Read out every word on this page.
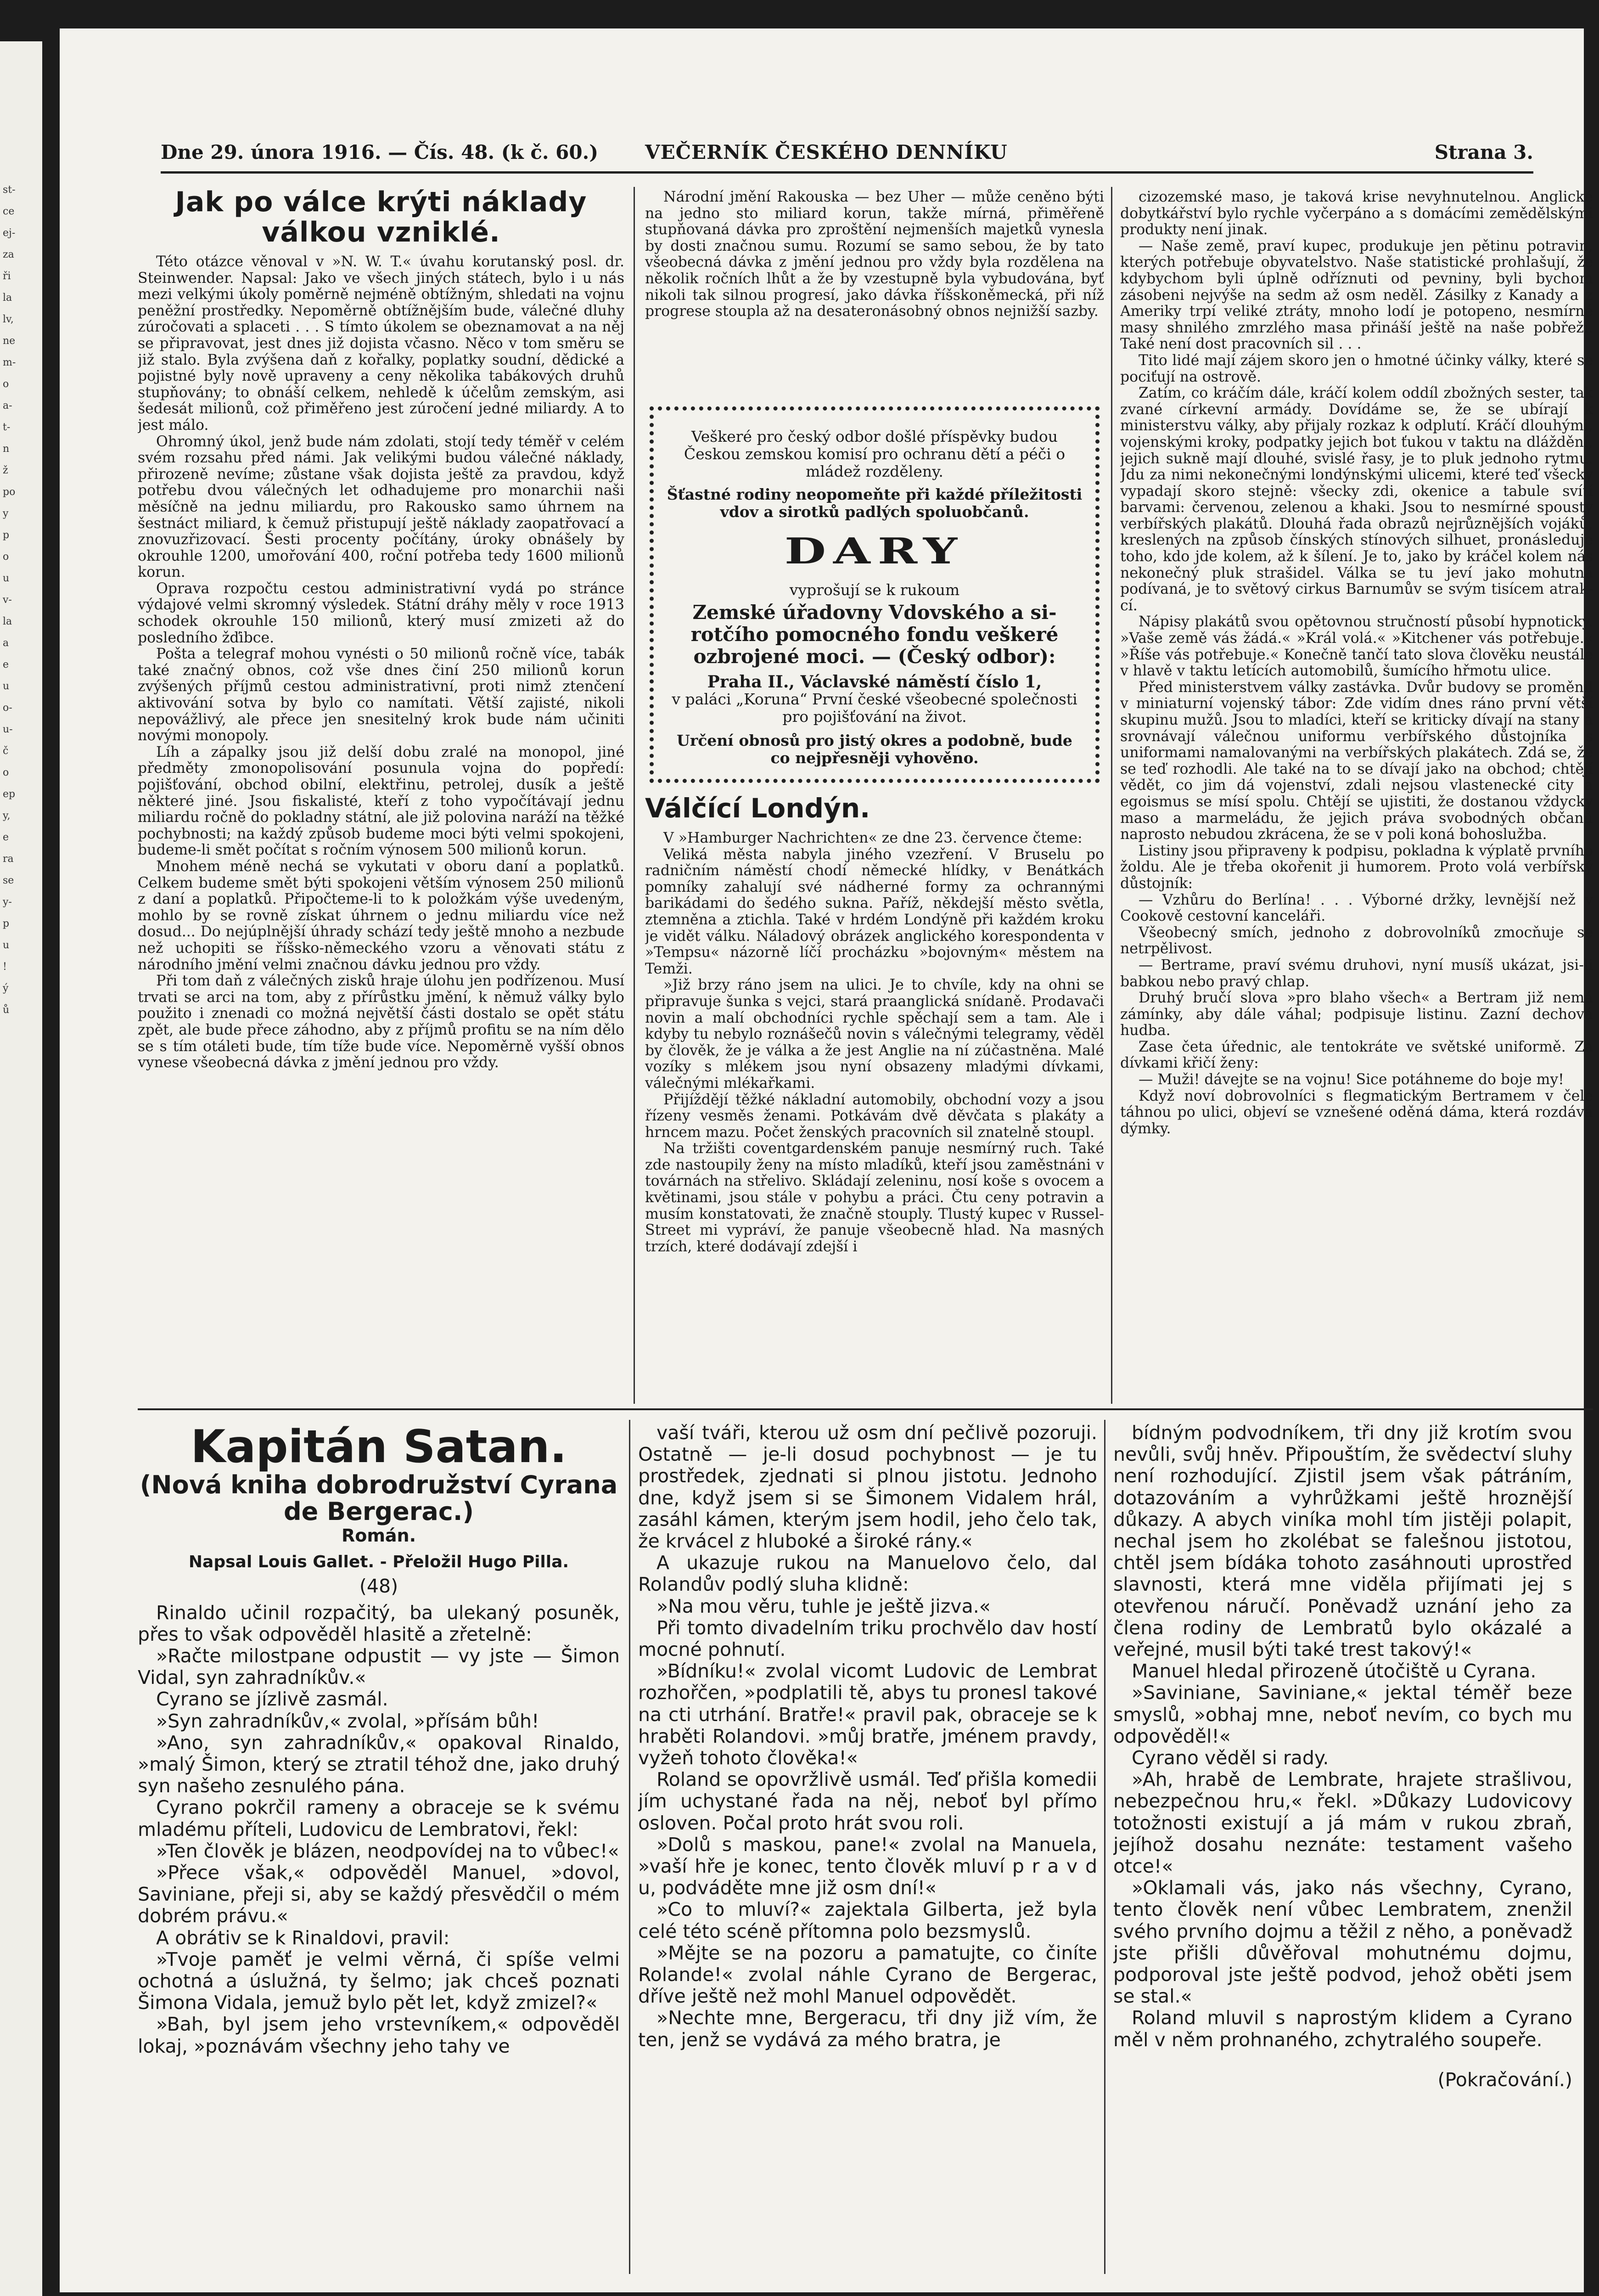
st-
ce
ej-
za
ři
la
lv,
ne
m-
o
a-
t-
n
ž
po
y
p
o
u
v-
la
a
e
u
o-
u-
č
o
ep
y,
e
ra
se
y-
p
u
!
ý
ů
Dne 29. února 1916. — Čís. 48. (k č. 60.) VEČERNÍK ČESKÉHO DENNÍKU	Strana 3.
Jak po válce krýti náklady válkou vzniklé.

Této otázce věnoval v »N. W. T.« úvahu korutanský posl. dr. Steinwender. Napsal: Jako ve všech jiných státech, bylo i u nás mezi velkými úkoly poměrně nejméně obtížným, shledati na vojnu peněžní prostředky. Nepoměrně obtížnějším bude, válečné dluhy zúročovati a splaceti . . . S tímto úkolem se obeznamovat a na něj se připravovat, jest dnes již dojista včasno. Něco v tom směru se již stalo. Byla zvýšena daň z kořalky, poplatky soudní, dědické a pojistné byly nově upraveny a ceny několika tabákových druhů stupňovány; to obnáší celkem, nehledě k účelům zemským, asi šedesát milionů, což přiměřeno jest zúročení jedné miliardy. A to jest málo.

Ohromný úkol, jenž bude nám zdolati, stojí tedy téměř v celém svém rozsahu před námi. Jak velikými budou válečné náklady, přirozeně nevíme; zůstane však dojista ještě za pravdou, když potřebu dvou válečných let odhadujeme pro monarchii naši měsíčně na jednu miliardu, pro Rakousko samo úhrnem na šestnáct miliard, k čemuž přistupují ještě náklady zaopatřovací a znovuzřizovací. Šesti procenty počítány, úroky obnášely by okrouhle 1200, umořování 400, roční potřeba tedy 1600 milionů korun.

Oprava rozpočtu cestou administrativní vydá po stránce výdajové velmi skromný výsledek. Státní dráhy měly v roce 1913 schodek okrouhle 150 milionů, který musí zmizeti až do posledního žďibce.

Pošta a telegraf mohou vynésti o 50 milionů ročně více, tabák také značný obnos, což vše dnes činí 250 milionů korun zvýšených příjmů cestou administrativní, proti nimž ztenčení aktivování sotva by bylo co namítati. Větší zajisté, nikoli nepovážlivý, ale přece jen snesitelný krok bude nám učiniti novými monopoly.

Líh a zápalky jsou již delší dobu zralé na monopol, jiné předměty zmonopolisování posunula vojna do popředí: pojišťování, obchod obilní, elektřinu, petrolej, dusík a ještě některé jiné. Jsou fiskalisté, kteří z toho vypočítávají jednu miliardu ročně do pokladny státní, ale již polovina naráží na těžké pochybnosti; na každý způsob budeme moci býti velmi spokojeni, budeme-li smět počítat s ročním výnosem 500 milionů korun.

Mnohem méně nechá se vykutati v oboru daní a poplatků. Celkem budeme smět býti spokojeni větším výnosem 250 milionů z daní a poplatků. Připočteme-li to k položkám výše uvedeným, mohlo by se rovně získat úhrnem o jednu miliardu více než dosud... Do nejúplnější úhrady schází tedy ještě mnoho a nezbude než uchopiti se říšsko-německého vzoru a věnovati státu z národního jmění velmi značnou dávku jednou pro vždy.

Při tom daň z válečných zisků hraje úlohu jen podřízenou. Musí trvati se arci na tom, aby z přírůstku jmění, k němuž války bylo použito i znenadi co možná největší části dostalo se opět státu zpět, ale bude přece záhodno, aby z příjmů profitu se na ním dělo se s tím otáleti bude, tím tíže bude více. Nepoměrně vyšší obnos vynese všeobecná dávka z jmění jednou pro vždy.

Národní jmění Rakouska — bez Uher — může ceněno býti na jedno sto miliard korun, takže mírná, přiměřeně stupňovaná dávka pro zproštění nejmenších majetků vynesla by dosti značnou sumu. Rozumí se samo sebou, že by tato všeobecná dávka z jmění jednou pro vždy byla rozdělena na několik ročních lhůt a že by vzestupně byla vybudována, byť nikoli tak silnou progresí, jako dávka říšskoněmecká, při níž progrese stoupla až na desateronásobný obnos nejnižší sazby.

Veškeré pro český odbor došlé příspěvky budou Českou zemskou komisí pro ochranu dětí a péči o mládež rozděleny.
Šťastné rodiny neopomeňte při každé příležitosti vdov a sirotků padlých spoluobčanů.
DARY
vyprošují se k rukoum
Zemské úřadovny Vdovského a sirotčího pomocného fondu veškeré ozbrojené moci. — (Český odbor):
Praha II., Václavské náměstí číslo 1,
v paláci „Koruna“ První české všeobecné společnosti pro pojišťování na život.
Určení obnosů pro jistý okres a podobně, bude co nejpřesněji vyhověno.
Válčící Londýn.

V »Hamburger Nachrichten« ze dne 23. července čteme:

Veliká města nabyla jiného vzezření. V Bruselu po radničním náměstí chodí německé hlídky, v Benátkách pomníky zahalují své nádherné formy za ochrannými barikádami do šedého sukna. Paříž, někdejší město světla, ztemněna a ztichla. Také v hrdém Londýně při každém kroku je vidět válku. Náladový obrázek anglického korespondenta v »Tempsu« názorně líčí procházku »bojovným« městem na Temži.

»Již brzy ráno jsem na ulici. Je to chvíle, kdy na ohni se připravuje šunka s vejci, stará praanglická snídaně. Prodavači novin a malí obchodníci rychle spěchají sem a tam. Ale i kdyby tu nebylo roznášečů novin s válečnými telegramy, věděl by člověk, že je válka a že jest Anglie na ní zúčastněna. Malé vozíky s mlékem jsou nyní obsazeny mladými dívkami, válečnými mlékařkami.

Přijíždějí těžké nákladní automobily, obchodní vozy a jsou řízeny vesměs ženami. Potkávám dvě děvčata s plakáty a hrncem mazu. Počet ženských pracovních sil znatelně stoupl.

Na tržišti coventgardenském panuje nesmírný ruch. Také zde nastoupily ženy na místo mladíků, kteří jsou zaměstnáni v továrnách na střelivo. Skládají zeleninu, nosí koše s ovocem a květinami, jsou stále v pohybu a práci. Čtu ceny potravin a musím konstatovati, že značně stouply. Tlustý kupec v Russel-Street mi vypráví, že panuje všeobecně hlad. Na masných trzích, které dodávají zdejší i

cizozemské maso, je taková krise nevyhnutelnou. Anglické dobytkářství bylo rychle vyčerpáno a s domácími zemědělskými produkty není jinak.

— Naše země, praví kupec, produkuje jen pětinu potravin, kterých potřebuje obyvatelstvo. Naše statistické prohlašují, že kdybychom byli úplně odříznuti od pevniny, byli bychom zásobeni nejvýše na sedm až osm neděl. Zásilky z Kanady a z Ameriky trpí veliké ztráty, mnoho lodí je potopeno, nesmírné masy shnilého zmrzlého masa přináší ještě na naše pobřeží. Také není dost pracovních sil . . .

Tito lidé mají zájem skoro jen o hmotné účinky války, které se pociťují na ostrově.

Zatím, co kráčím dále, kráčí kolem oddíl zbožných sester, tak zvané církevní armády. Dovídáme se, že se ubírají k ministerstvu války, aby přijaly rozkaz k odplutí. Kráčí dlouhými, vojenskými kroky, podpatky jejich bot ťukou v taktu na dláždění, jejich sukně mají dlouhé, svislé řasy, je to pluk jednoho rytmu. Jdu za nimi nekonečnými londýnskými ulicemi, které teď všecky vypadají skoro stejně: všecky zdi, okenice a tabule svítí barvami: červenou, zelenou a khaki. Jsou to nesmírné spousty verbířských plakátů. Dlouhá řada obrazů nejrůznějších vojáků, kreslených na způsob čínských stínových silhuet, pronásleduje toho, kdo jde kolem, až k šílení. Je to, jako by kráčel kolem nás nekonečný pluk strašidel. Válka se tu jeví jako mohutná podívaná, je to světový cirkus Barnumův se svým tisícem atrakcí.

Nápisy plakátů svou opětovnou stručností působí hypnoticky. »Vaše země vás žádá.« »Král volá.« »Kitchener vás potřebuje.« »Říše vás potřebuje.« Konečně tančí tato slova člověku neustále v hlavě v taktu letících automobilů, šumícího hřmotu ulice.

Před ministerstvem války zastávka. Dvůr budovy se proměnil v miniaturní vojenský tábor: Zde vidím dnes ráno první větší skupinu mužů. Jsou to mladíci, kteří se kriticky dívají na stany a srovnávají válečnou uniformu verbířského důstojníka s uniformami namalovanými na verbířských plakátech. Zdá se, že se teď rozhodli. Ale také na to se dívají jako na obchod; chtějí vědět, co jim dá vojenství, zdali nejsou vlastenecké city a egoismus se mísí spolu. Chtějí se ujistiti, že dostanou vždycky maso a marmeládu, že jejich práva svobodných občanů naprosto nebudou zkrácena, že se v poli koná bohoslužba.

Listiny jsou připraveny k podpisu, pokladna k výplatě prvního žoldu. Ale je třeba okořenit ji humorem. Proto volá verbířský důstojník:

— Vzhůru do Berlína! . . . Výborné držky, levnější než v Cookově cestovní kanceláři.

Všeobecný smích, jednoho z dobrovolníků zmocňuje se netrpělivost.

— Bertrame, praví svému druhovi, nyní musíš ukázat, jsi-li babkou nebo pravý chlap.

Druhý bručí slova »pro blaho všech« a Bertram již nemá zámínky, aby dále váhal; podpisuje listinu. Zazní dechová hudba.

Zase četa úřednic, ale tentokráte ve světské uniformě. Za dívkami křičí ženy:

— Muži! dávejte se na vojnu! Sice potáhneme do boje my!

Když noví dobrovolníci s flegmatickým Bertramem v čele táhnou po ulici, objeví se vznešené oděná dáma, která rozdává dýmky.

Kapitán Satan.

(Nová kniha dobrodružství Cyrana de Bergerac.)

Román.

Napsal Louis Gallet. - Přeložil Hugo Pilla.

(48)

Rinaldo učinil rozpačitý, ba ulekaný posuněk, přes to však odpověděl hlasitě a zřetelně:

»Račte milostpane odpustit — vy jste — Šimon Vidal, syn zahradníkův.«

Cyrano se jízlivě zasmál.

»Syn zahradníkův,« zvolal, »přísám bůh!

»Ano, syn zahradníkův,« opakoval Rinaldo, »malý Šimon, který se ztratil téhož dne, jako druhý syn našeho zesnulého pána.

Cyrano pokrčil rameny a obraceje se k svému mladému příteli, Ludovicu de Lembratovi, řekl:

»Ten člověk je blázen, neodpovídej na to vůbec!«

»Přece však,« odpověděl Manuel, »dovol, Saviniane, přeji si, aby se každý přesvědčil o mém dobrém právu.«

A obrátiv se k Rinaldovi, pravil:

»Tvoje paměť je velmi věrná, či spíše velmi ochotná a úslužná, ty šelmo; jak chceš poznati Šimona Vidala, jemuž bylo pět let, když zmizel?«

»Bah, byl jsem jeho vrstevníkem,« odpověděl lokaj, »poznávám všechny jeho tahy ve

vaší tváři, kterou už osm dní pečlivě pozoruji. Ostatně — je-li dosud pochybnost — je tu prostředek, zjednati si plnou jistotu. Jednoho dne, když jsem si se Šimonem Vidalem hrál, zasáhl kámen, kterým jsem hodil, jeho čelo tak, že krvácel z hluboké a široké rány.«

A ukazuje rukou na Manuelovo čelo, dal Rolandův podlý sluha klidně:

»Na mou věru, tuhle je ještě jizva.«

Při tomto divadelním triku prochvělo dav hostí mocné pohnutí.

»Bídníku!« zvolal vicomt Ludovic de Lembrat rozhořčen, »podplatili tě, abys tu pronesl takové na cti utrhání. Bratře!« pravil pak, obraceje se k hraběti Rolandovi. »můj bratře, jménem pravdy, vyžeň tohoto člověka!«

Roland se opovržlivě usmál. Teď přišla komedii jím uchystané řada na něj, neboť byl přímo osloven. Počal proto hrát svou roli.

»Dolů s maskou, pane!« zvolal na Manuela, »vaší hře je konec, tento člověk mluví p r a v d u, podváděte mne již osm dní!«

»Co to mluví?« zajektala Gilberta, jež byla celé této scéně přítomna polo bezsmyslů.

»Mějte se na pozoru a pamatujte, co činíte Rolande!« zvolal náhle Cyrano de Bergerac, dříve ještě než mohl Manuel odpovědět.

»Nechte mne, Bergeracu, tři dny již vím, že ten, jenž se vydává za mého bratra, je

bídným podvodníkem, tři dny již krotím svou nevůli, svůj hněv. Připouštím, že svědectví sluhy není rozhodující. Zjistil jsem však pátráním, dotazováním a vyhrůžkami ještě hroznější důkazy. A abych viníka mohl tím jistěji polapit, nechal jsem ho zkolébat se falešnou jistotou, chtěl jsem bídáka tohoto zasáhnouti uprostřed slavnosti, která mne viděla přijímati jej s otevřenou náručí. Poněvadž uznání jeho za člena rodiny de Lembratů bylo okázalé a veřejné, musil býti také trest takový!«

Manuel hledal přirozeně útočiště u Cyrana.

»Saviniane, Saviniane,« jektal téměř beze smyslů, »obhaj mne, neboť nevím, co bych mu odpověděl!«

Cyrano věděl si rady.

»Ah, hrabě de Lembrate, hrajete strašlivou, nebezpečnou hru,« řekl. »Důkazy Ludovicovy totožnosti existují a já mám v rukou zbraň, jejíhož dosahu neznáte: testament vašeho otce!«

»Oklamali vás, jako nás všechny, Cyrano, tento člověk není vůbec Lembratem, znenžil svého prvního dojmu a těžil z něho, a poněvadž jste přišli důvěřoval mohutnému dojmu, podporoval jste ještě podvod, jehož oběti jsem se stal.«

Roland mluvil s naprostým klidem a Cyrano měl v něm prohnaného, zchytralého soupeře.

(Pokračování.)
